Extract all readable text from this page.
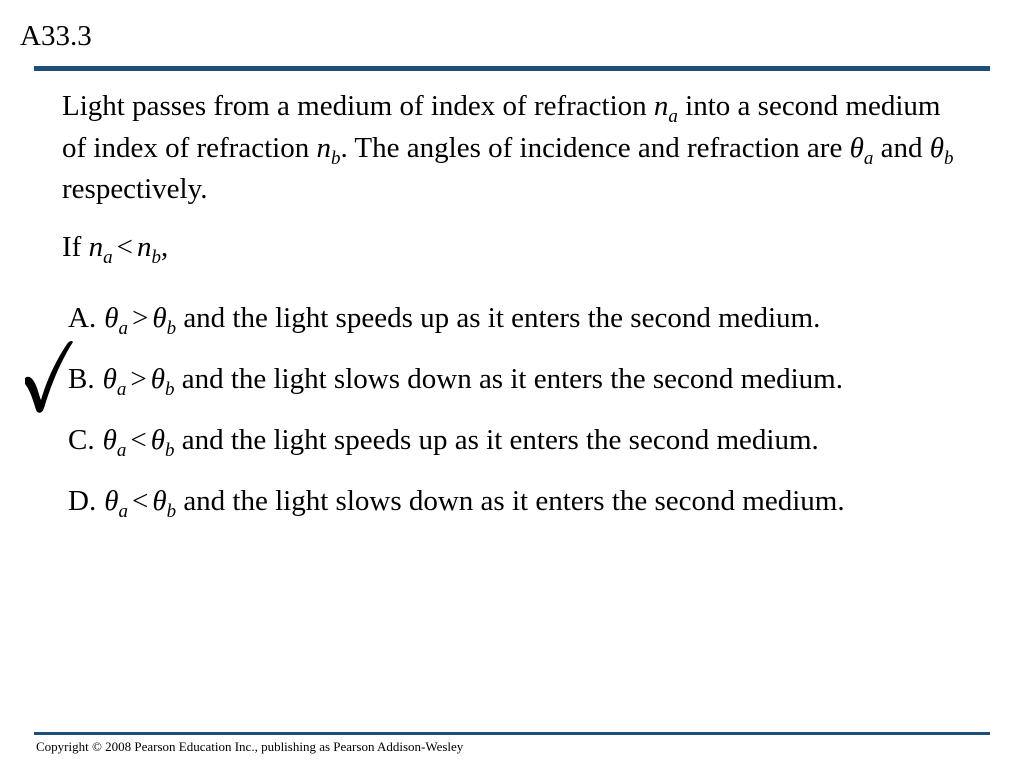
A33.3
Light passes from a medium of index of refraction $n_a$ into a second medium of index of refraction $n_b$. The angles of incidence and refraction are $\theta_a$ and $\theta_b$ respectively.
If $n_a < n_b$,
A. $\theta_a > \theta_b$ and the light speeds up as it enters the second medium.
B. $\theta_a > \theta_b$ and the light slows down as it enters the second medium.
C. $\theta_a < \theta_b$ and the light speeds up as it enters the second medium.
D. $\theta_a < \theta_b$ and the light slows down as it enters the second medium.
Copyright © 2008 Pearson Education Inc., publishing as Pearson Addison-Wesley
